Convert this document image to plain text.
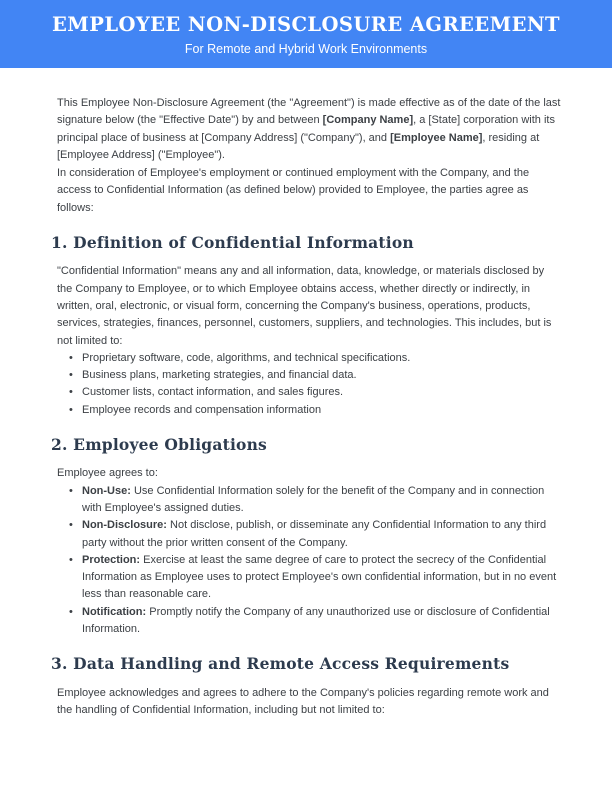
EMPLOYEE NON-DISCLOSURE AGREEMENT
For Remote and Hybrid Work Environments

This Employee Non-Disclosure Agreement (the "Agreement") is made effective as of the date of the last signature below (the "Effective Date") by and between [Company Name], a [State] corporation with its principal place of business at [Company Address] ("Company"), and [Employee Name], residing at [Employee Address] ("Employee").

In consideration of Employee's employment or continued employment with the Company, and the access to Confidential Information (as defined below) provided to Employee, the parties agree as follows:

1. Definition of Confidential Information

"Confidential Information" means any and all information, data, knowledge, or materials disclosed by the Company to Employee, or to which Employee obtains access, whether directly or indirectly, in written, oral, electronic, or visual form, concerning the Company's business, operations, products, services, strategies, finances, personnel, customers, suppliers, and technologies. This includes, but is not limited to:

• Proprietary software, code, algorithms, and technical specifications.
• Business plans, marketing strategies, and financial data.
• Customer lists, contact information, and sales figures.
• Employee records and compensation information
2. Employee Obligations

Employee agrees to:

• Non-Use: Use Confidential Information solely for the benefit of the Company and in connection with Employee's assigned duties.
• Non-Disclosure: Not disclose, publish, or disseminate any Confidential Information to any third party without the prior written consent of the Company.
• Protection: Exercise at least the same degree of care to protect the secrecy of the Confidential Information as Employee uses to protect Employee's own confidential information, but in no event less than reasonable care.
• Notification: Promptly notify the Company of any unauthorized use or disclosure of Confidential Information.
3. Data Handling and Remote Access Requirements

Employee acknowledges and agrees to adhere to the Company's policies regarding remote work and the handling of Confidential Information, including but not limited to:
